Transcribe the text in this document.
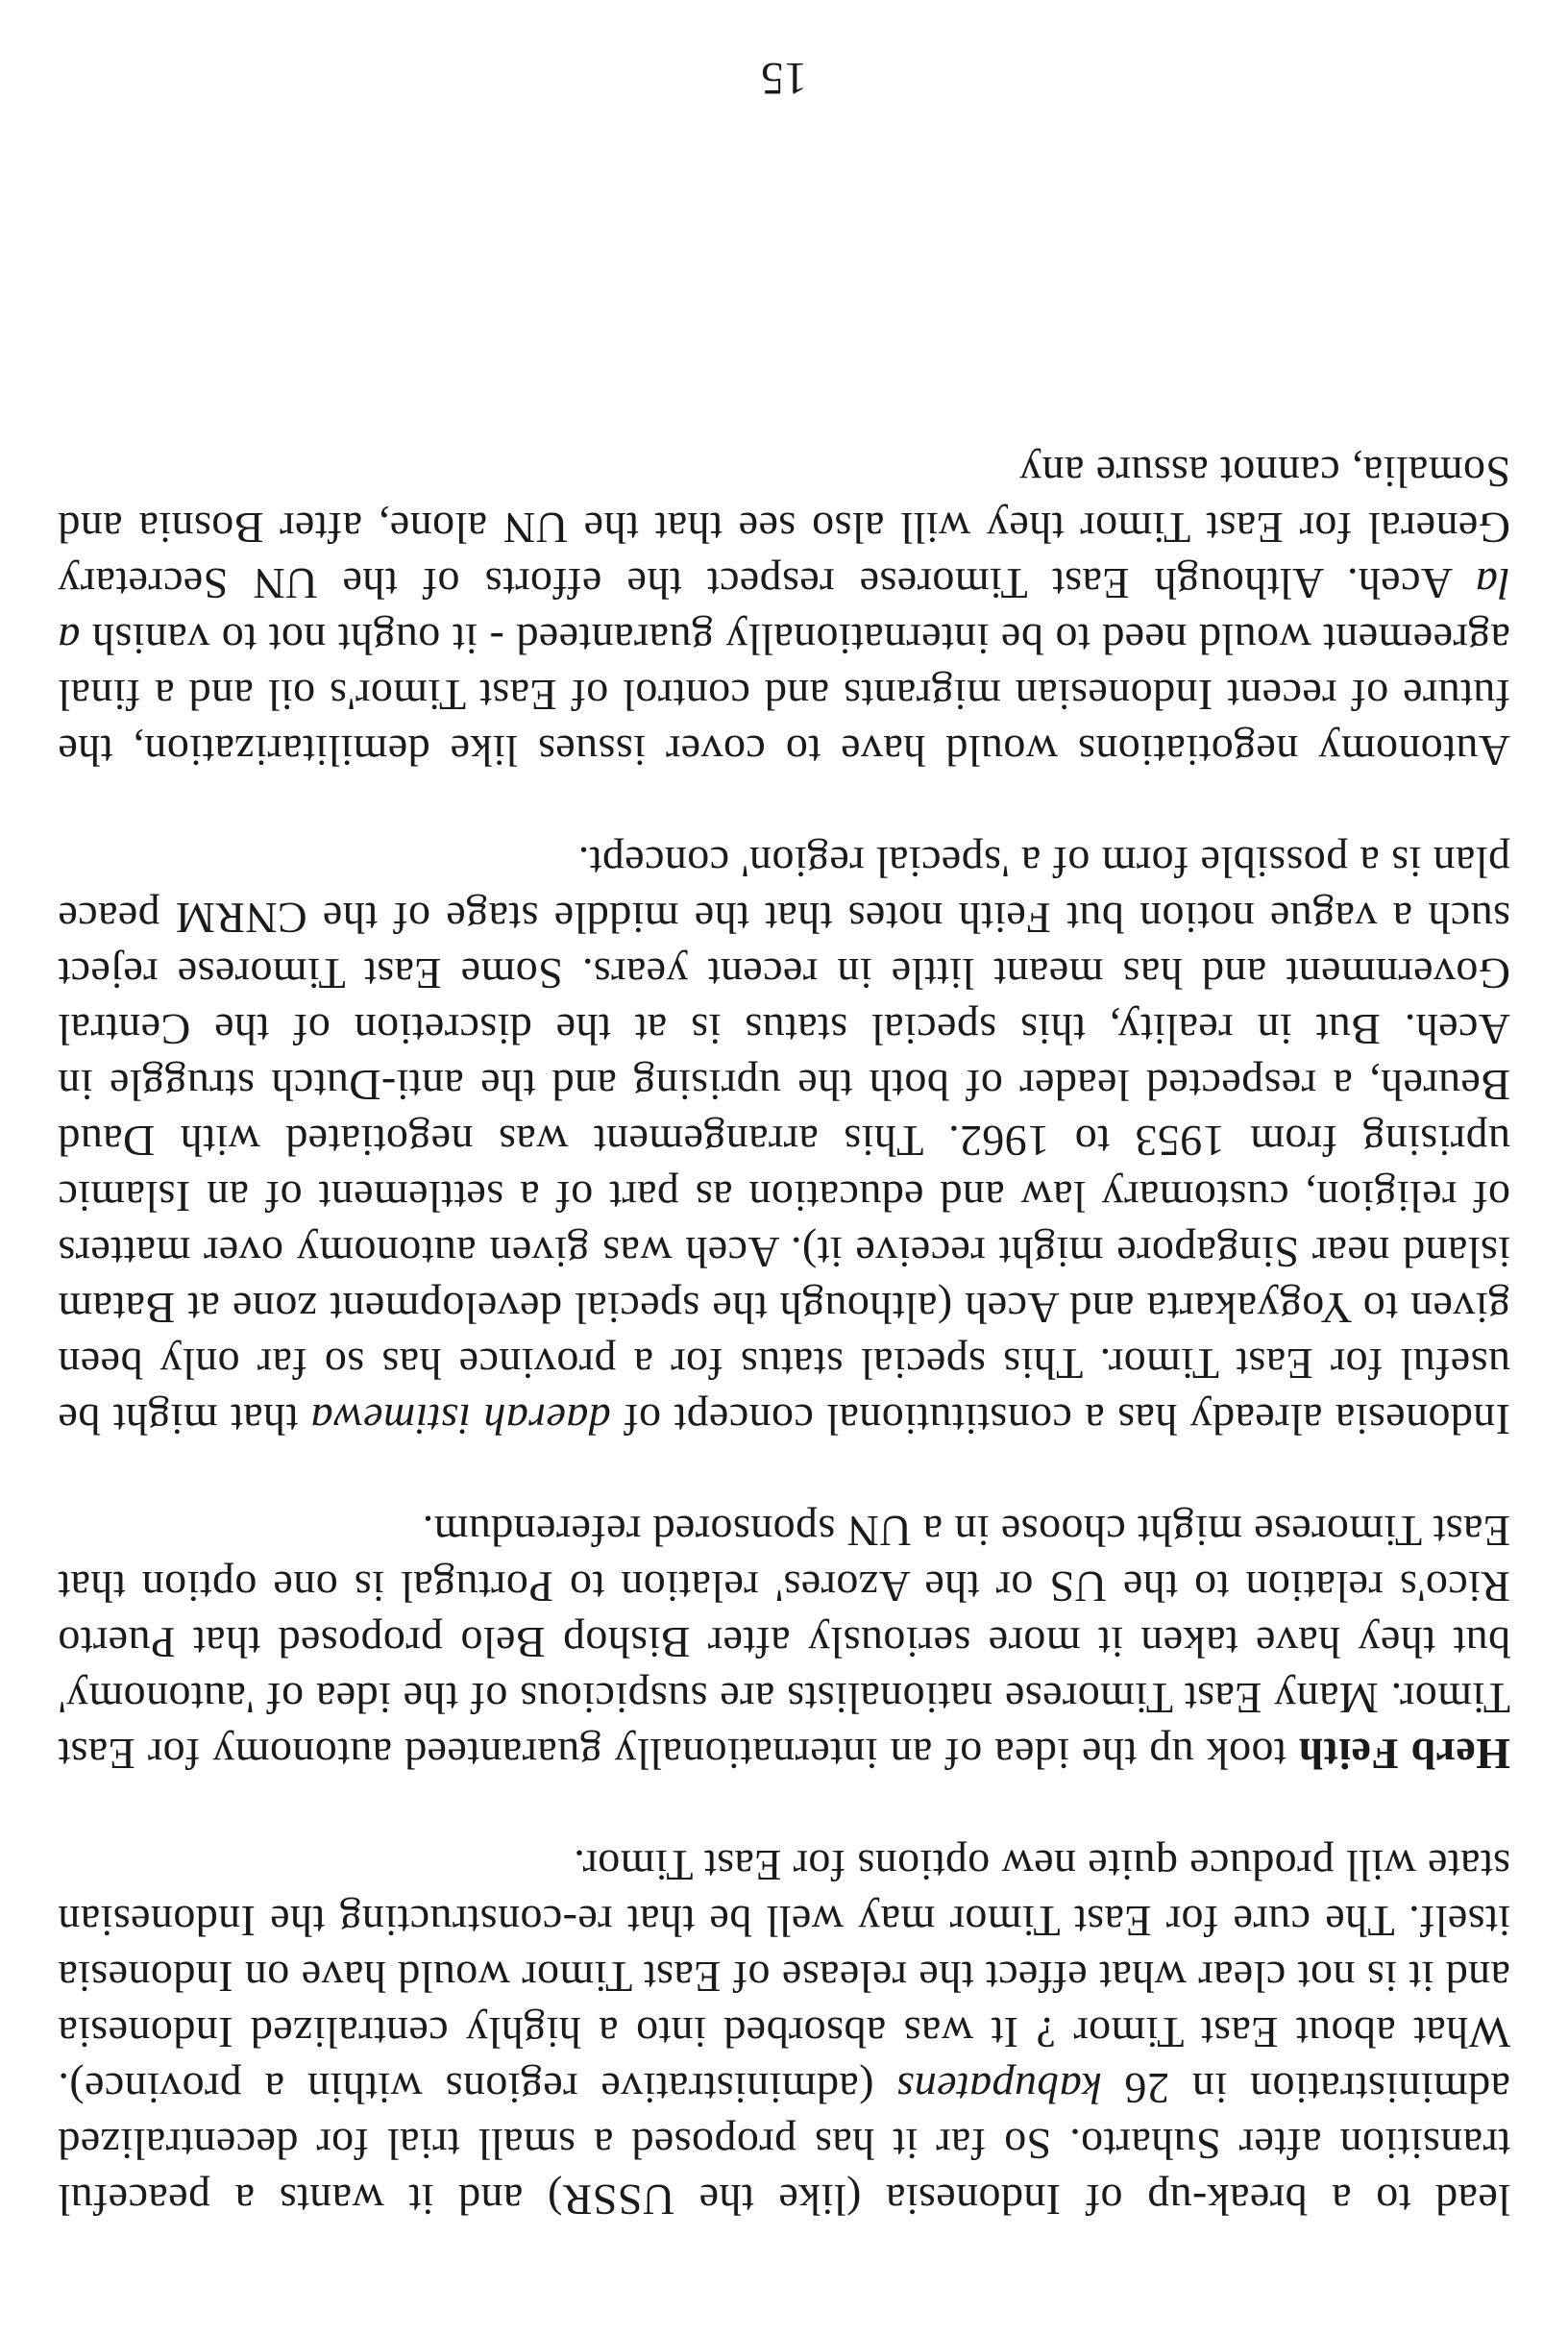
lead to a break-up of Indonesia (like the USSR) and it wants a peaceful transition after Suharto. So far it has proposed a small trial for decentralized administration in 26 kabupatens (administrative regions within a province). What about East Timor ? It was absorbed into a highly centralized Indonesia and it is not clear what effect the release of East Timor would have on Indonesia itself. The cure for East Timor may well be that re-constructing the Indonesian state will produce quite new options for East Timor.

Herb Feith took up the idea of an internationally guaranteed autonomy for East Timor. Many East Timorese nationalists are suspicious of the idea of 'autonomy' but they have taken it more seriously after Bishop Belo proposed that Puerto Rico's relation to the US or the Azores' relation to Portugal is one option that East Timorese might choose in a UN sponsored referendum.

Indonesia already has a constitutional concept of daerah istimewa that might be useful for East Timor. This special status for a province has so far only been given to Yogyakarta and Aceh (although the special development zone at Batam island near Singapore might receive it). Aceh was given autonomy over matters of religion, customary law and education as part of a settlement of an Islamic uprising from 1953 to 1962. This arrangement was negotiated with Daud Beureh, a respected leader of both the uprising and the anti-Dutch struggle in Aceh. But in reality, this special status is at the discretion of the Central Government and has meant little in recent years. Some East Timorese reject such a vague notion but Feith notes that the middle stage of the CNRM peace plan is a possible form of a 'special region' concept.

Autonomy negotiations would have to cover issues like demilitarization, the future of recent Indonesian migrants and control of East Timor's oil and a final agreement would need to be internationally guaranteed - it ought not to vanish a la Aceh. Although East Timorese respect the efforts of the UN Secretary General for East Timor they will also see that the UN alone, after Bosnia and Somalia, cannot assure any

15
